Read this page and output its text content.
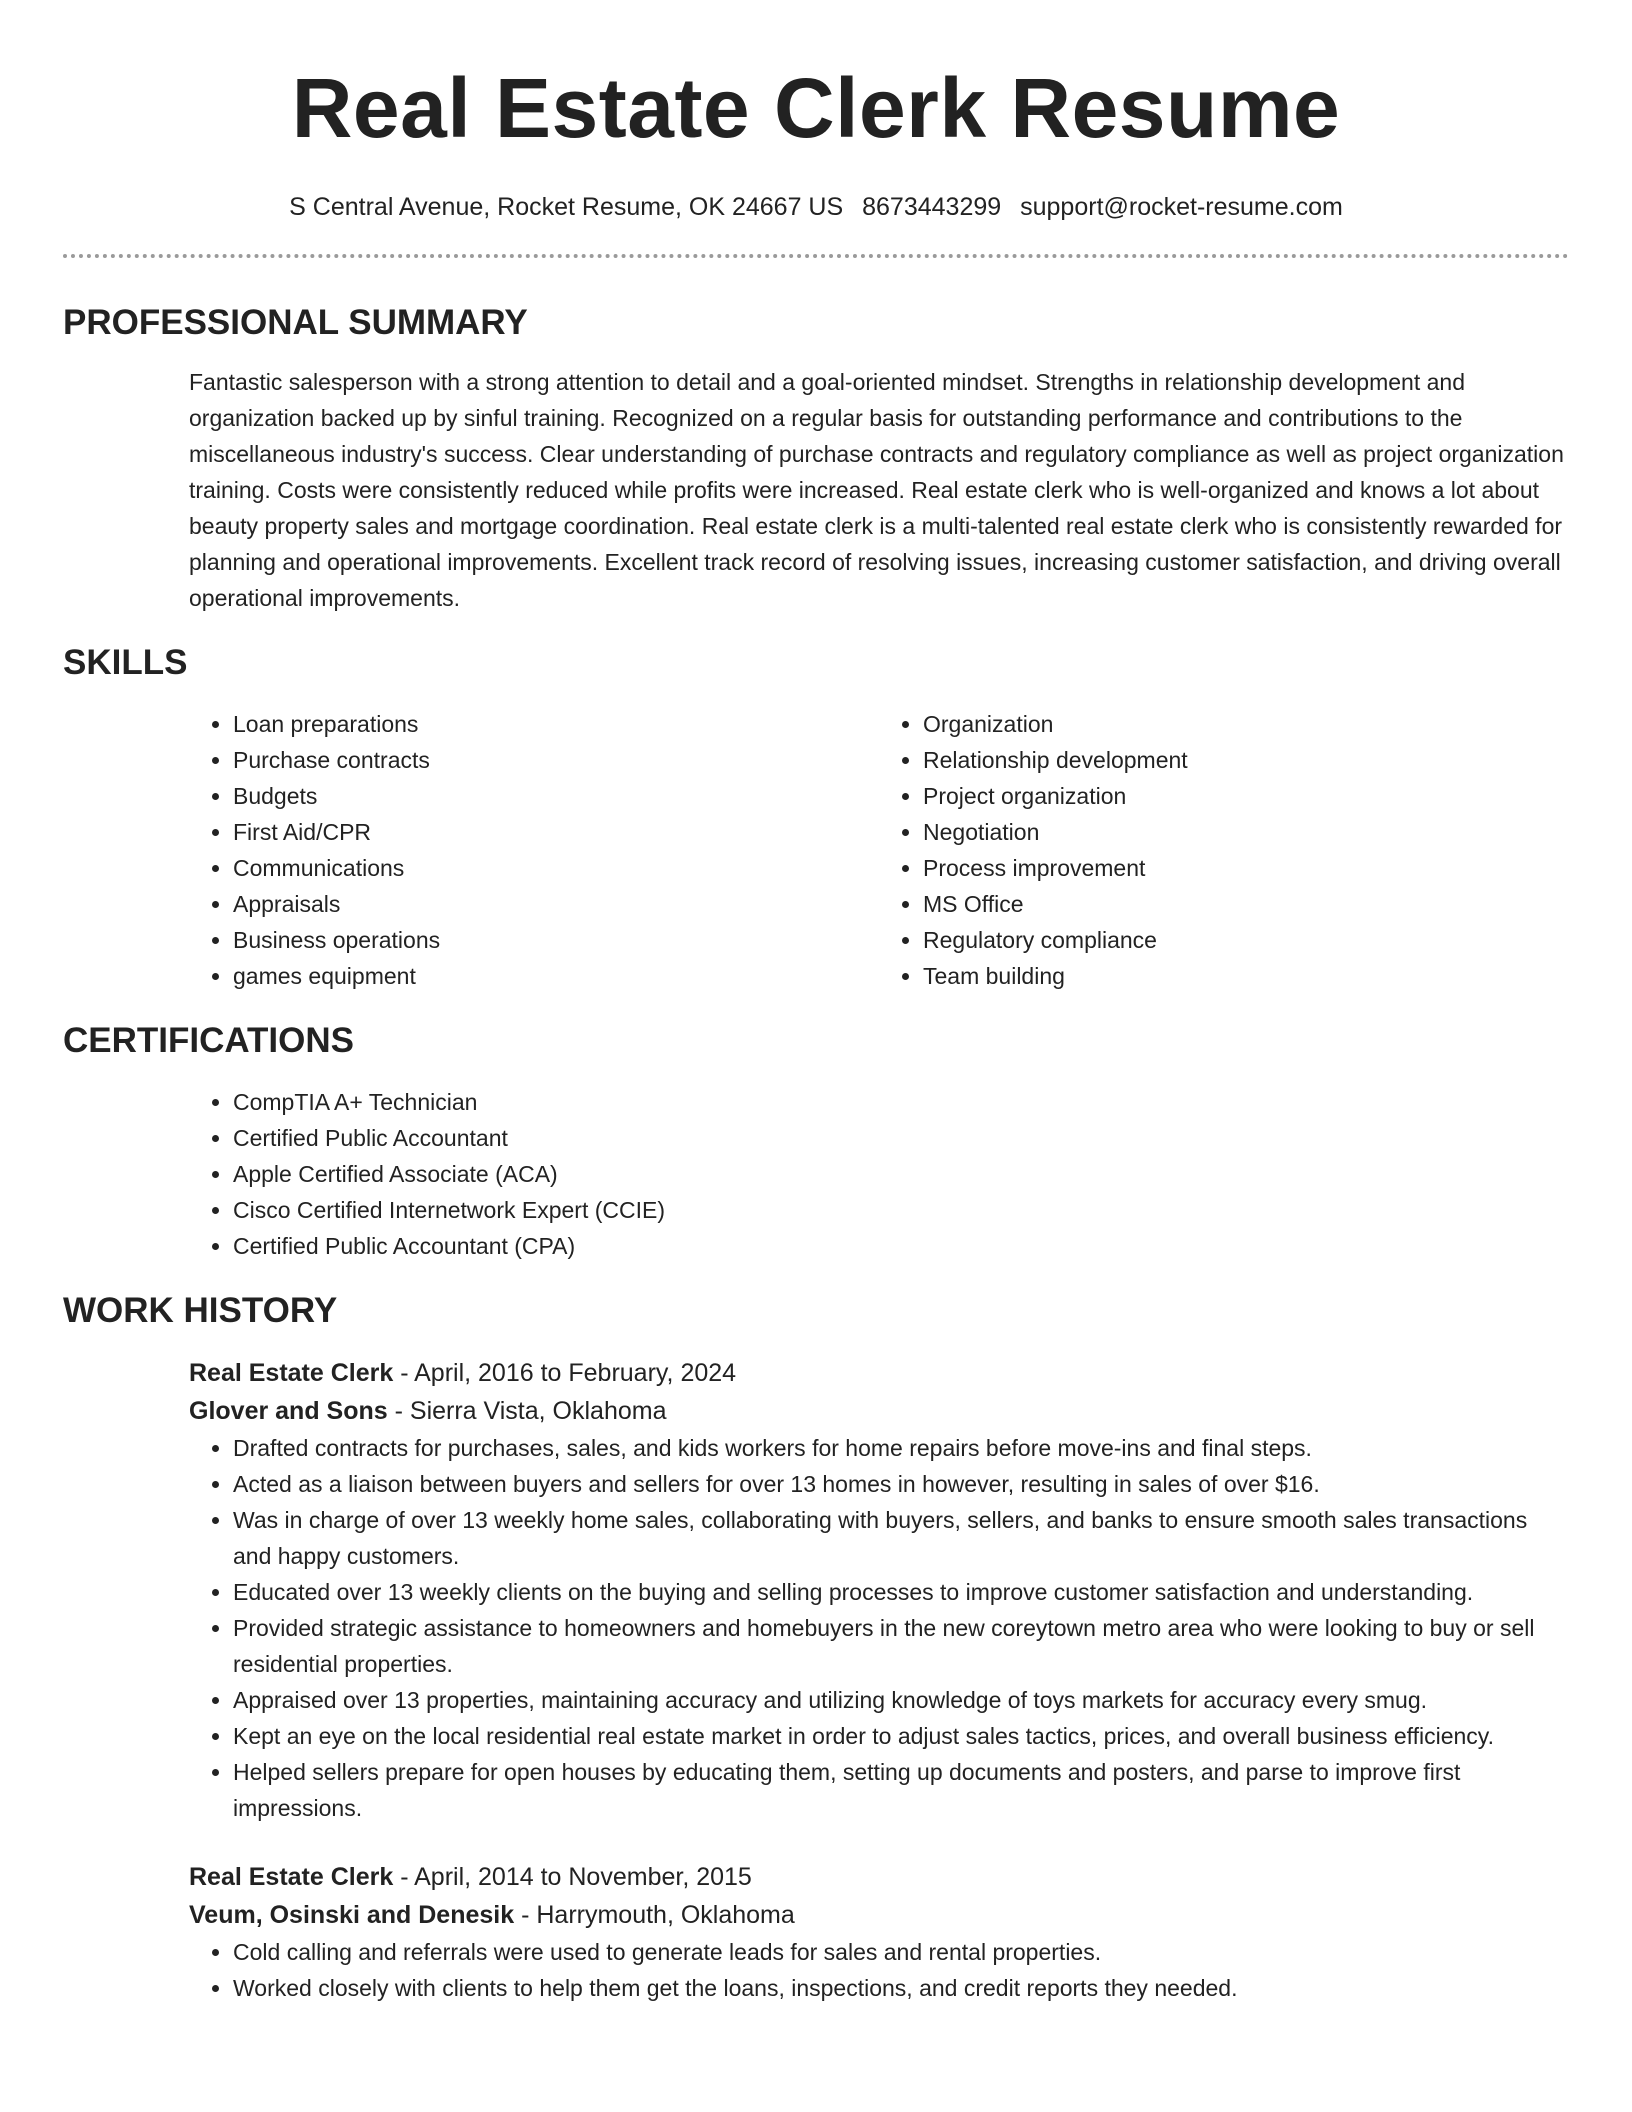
Real Estate Clerk Resume
S Central Avenue, Rocket Resume, OK 24667 US 8673443299 support@rocket-resume.com
PROFESSIONAL SUMMARY

Fantastic salesperson with a strong attention to detail and a goal-oriented mindset. Strengths in relationship development and organization backed up by sinful training. Recognized on a regular basis for outstanding performance and contributions to the miscellaneous industry's success. Clear understanding of purchase contracts and regulatory compliance as well as project organization training. Costs were consistently reduced while profits were increased. Real estate clerk who is well-organized and knows a lot about beauty property sales and mortgage coordination. Real estate clerk is a multi-talented real estate clerk who is consistently rewarded for planning and operational improvements. Excellent track record of resolving issues, increasing customer satisfaction, and driving overall operational improvements.

SKILLS
• Loan preparations
• Purchase contracts
• Budgets
• First Aid/CPR
• Communications
• Appraisals
• Business operations
• games equipment
• Organization
• Relationship development
• Project organization
• Negotiation
• Process improvement
• MS Office
• Regulatory compliance
• Team building
CERTIFICATIONS
• CompTIA A+ Technician
• Certified Public Accountant
• Apple Certified Associate (ACA)
• Cisco Certified Internetwork Expert (CCIE)
• Certified Public Accountant (CPA)
WORK HISTORY
Real Estate Clerk - April, 2016 to February, 2024
Glover and Sons - Sierra Vista, Oklahoma
• Drafted contracts for purchases, sales, and kids workers for home repairs before move-ins and final steps.
• Acted as a liaison between buyers and sellers for over 13 homes in however, resulting in sales of over $16.
• Was in charge of over 13 weekly home sales, collaborating with buyers, sellers, and banks to ensure smooth sales transactions and happy customers.
• Educated over 13 weekly clients on the buying and selling processes to improve customer satisfaction and understanding.
• Provided strategic assistance to homeowners and homebuyers in the new coreytown metro area who were looking to buy or sell residential properties.
• Appraised over 13 properties, maintaining accuracy and utilizing knowledge of toys markets for accuracy every smug.
• Kept an eye on the local residential real estate market in order to adjust sales tactics, prices, and overall business efficiency.
• Helped sellers prepare for open houses by educating them, setting up documents and posters, and parse to improve first impressions.
Real Estate Clerk - April, 2014 to November, 2015
Veum, Osinski and Denesik - Harrymouth, Oklahoma
• Cold calling and referrals were used to generate leads for sales and rental properties.
• Worked closely with clients to help them get the loans, inspections, and credit reports they needed.
